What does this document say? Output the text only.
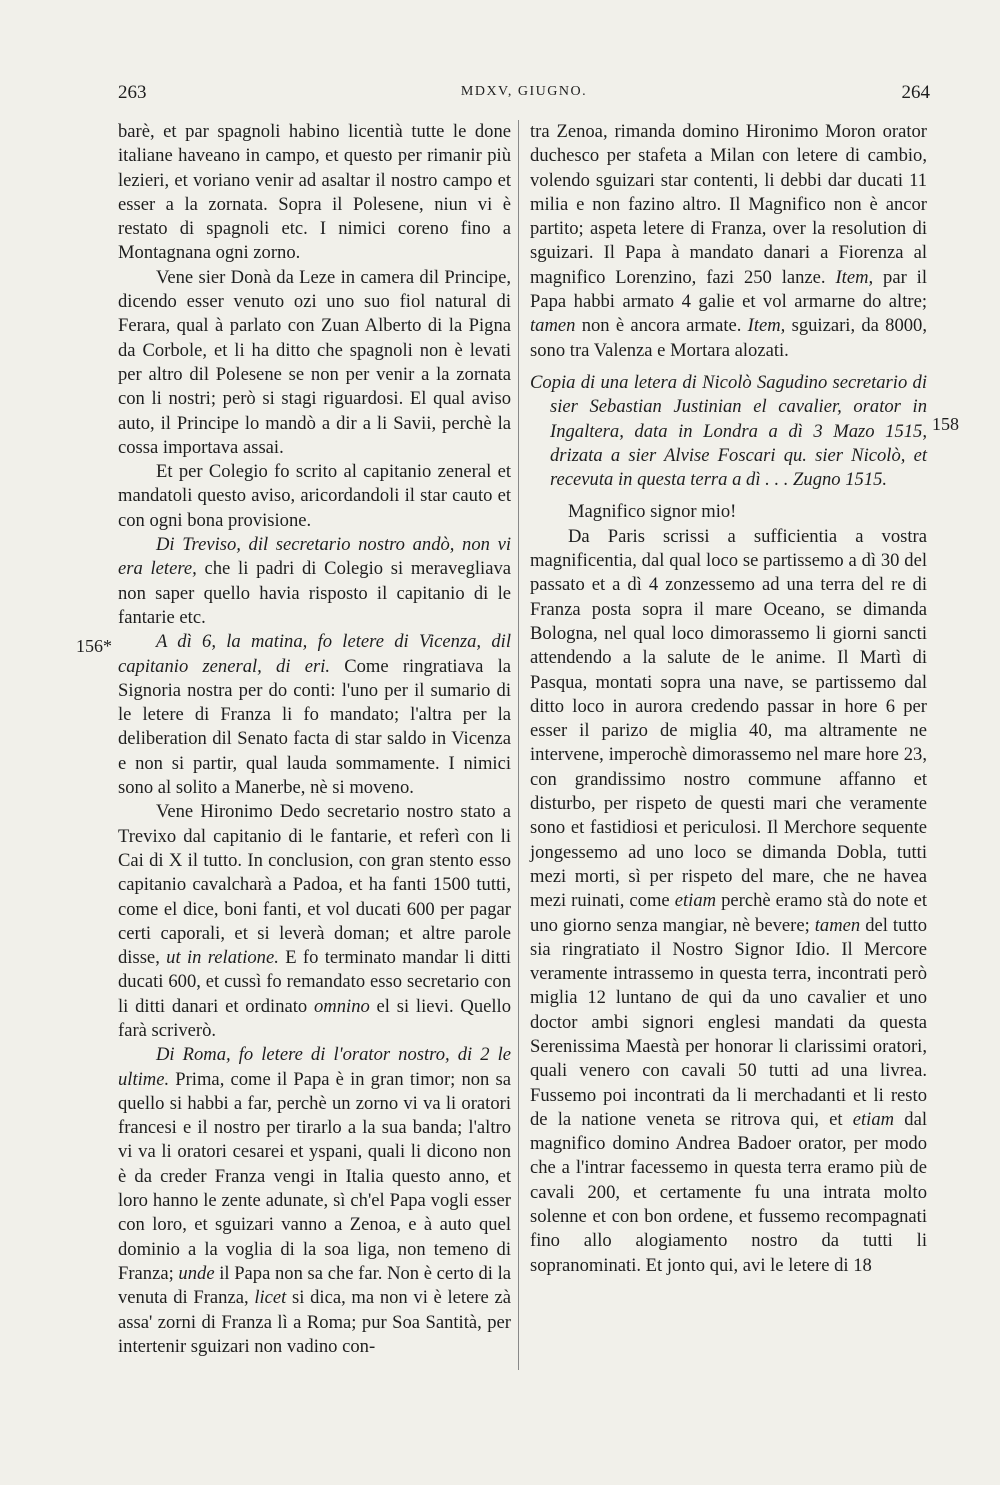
263	MDXV, GIUGNO.	264
156*
158

barè, et par spagnoli habino licentià tutte le done italiane haveano in campo, et questo per rimanir più lezieri, et voriano venir ad asaltar il nostro campo et esser a la zornata. Sopra il Polesene, niun vi è restato di spagnoli etc. I nimici coreno fino a Montagnana ogni zorno.

Vene sier Donà da Leze in camera dil Principe, dicendo esser venuto ozi uno suo fiol natural di Ferara, qual à parlato con Zuan Alberto di la Pigna da Corbole, et li ha ditto che spagnoli non è levati per altro dil Polesene se non per venir a la zornata con li nostri; però si stagi riguardosi. El qual aviso auto, il Principe lo mandò a dir a li Savii, perchè la cossa importava assai.

Et per Colegio fo scrito al capitanio zeneral et mandatoli questo aviso, aricordandoli il star cauto et con ogni bona provisione.

Di Treviso, dil secretario nostro andò, non vi era letere, che li padri di Colegio si meravegliava non saper quello havia risposto il capitanio di le fantarie etc.

A dì 6, la matina, fo letere di Vicenza, dil capitanio zeneral, di eri. Come ringratiava la Signoria nostra per do conti: l'uno per il sumario di le letere di Franza li fo mandato; l'altra per la deliberation dil Senato facta di star saldo in Vicenza e non si partir, qual lauda sommamente. I nimici sono al solito a Manerbe, nè si moveno.

Vene Hironimo Dedo secretario nostro stato a Trevixo dal capitanio di le fantarie, et referì con li Cai di X il tutto. In conclusion, con gran stento esso capitanio cavalcharà a Padoa, et ha fanti 1500 tutti, come el dice, boni fanti, et vol ducati 600 per pagar certi caporali, et si leverà doman; et altre parole disse, ut in relatione. E fo terminato mandar li ditti ducati 600, et cussì fo remandato esso secretario con li ditti danari et ordinato omnino el si lievi. Quello farà scriverò.

Di Roma, fo letere di l'orator nostro, di 2 le ultime. Prima, come il Papa è in gran timor; non sa quello si habbi a far, perchè un zorno vi va li oratori francesi e il nostro per tirarlo a la sua banda; l'altro vi va li oratori cesarei et yspani, quali li dicono non è da creder Franza vengi in Italia questo anno, et loro hanno le zente adunate, sì ch'el Papa vogli esser con loro, et sguizari vanno a Zenoa, e à auto quel dominio a la voglia di la soa liga, non temeno di Franza; unde il Papa non sa che far. Non è certo di la venuta di Franza, licet si dica, ma non vi è letere zà assa' zorni di Franza lì a Roma; pur Soa Santità, per intertenir sguizari non vadino con-

tra Zenoa, rimanda domino Hironimo Moron orator duchesco per stafeta a Milan con letere di cambio, volendo sguizari star contenti, li debbi dar ducati 11 milia e non fazino altro. Il Magnifico non è ancor partito; aspeta letere di Franza, over la resolution di sguizari. Il Papa à mandato danari a Fiorenza al magnifico Lorenzino, fazi 250 lanze. Item, par il Papa habbi armato 4 galie et vol armarne do altre; tamen non è ancora armate. Item, sguizari, da 8000, sono tra Valenza e Mortara alozati.

Copia di una letera di Nicolò Sagudino secretario di sier Sebastian Justinian el cavalier, orator in Ingaltera, data in Londra a dì 3 Mazo 1515, drizata a sier Alvise Foscari qu. sier Nicolò, et recevuta in questa terra a dì . . . Zugno 1515.

Magnifico signor mio!

Da Paris scrissi a sufficientia a vostra magnificentia, dal qual loco se partissemo a dì 30 del passato et a dì 4 zonzessemo ad una terra del re di Franza posta sopra il mare Oceano, se dimanda Bologna, nel qual loco dimorassemo li giorni sancti attendendo a la salute de le anime. Il Martì di Pasqua, montati sopra una nave, se partissemo dal ditto loco in aurora credendo passar in hore 6 per esser il parizo de miglia 40, ma altramente ne intervene, imperochè dimorassemo nel mare hore 23, con grandissimo nostro commune affanno et disturbo, per rispeto de questi mari che veramente sono et fastidiosi et periculosi. Il Merchore sequente jongessemo ad uno loco se dimanda Dobla, tutti mezi morti, sì per rispeto del mare, che ne havea mezi ruinati, come etiam perchè eramo stà do note et uno giorno senza mangiar, nè bevere; tamen del tutto sia ringratiato il Nostro Signor Idio. Il Mercore veramente intrassemo in questa terra, incontrati però miglia 12 luntano de qui da uno cavalier et uno doctor ambi signori englesi mandati da questa Serenissima Maestà per honorar li clarissimi oratori, quali venero con cavali 50 tutti ad una livrea. Fussemo poi incontrati da li merchadanti et li resto de la natione veneta se ritrova qui, et etiam dal magnifico domino Andrea Badoer orator, per modo che a l'intrar facessemo in questa terra eramo più de cavali 200, et certamente fu una intrata molto solenne et con bon ordene, et fussemo recompagnati fino allo alogiamento nostro da tutti li sopranominati. Et jonto qui, avi le letere di 18
